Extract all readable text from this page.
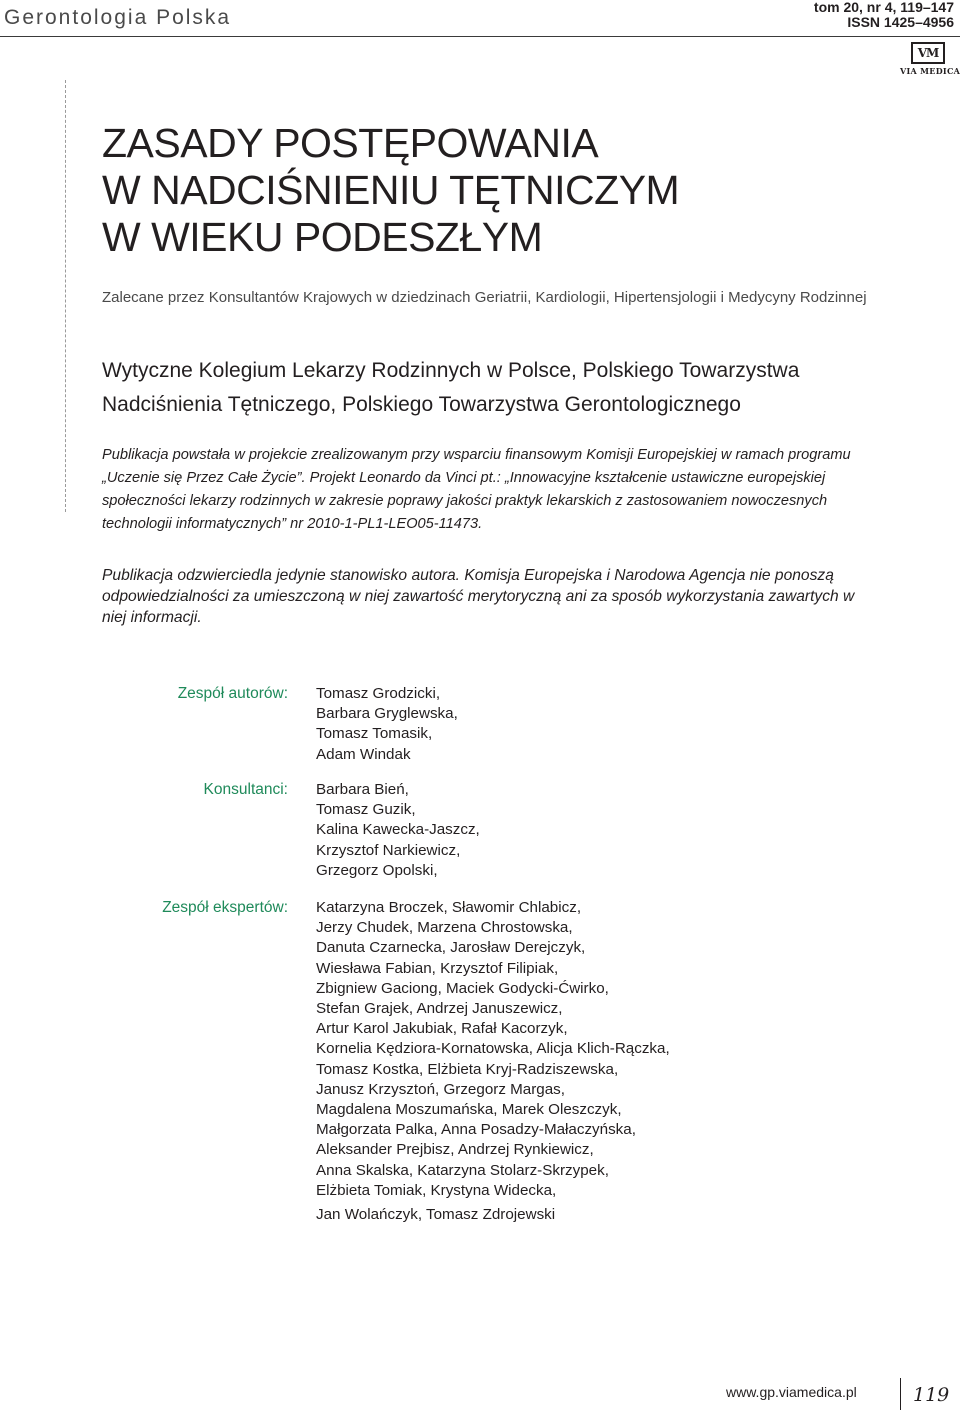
Gerontologia Polska	tom 20, nr 4, 119–147
ISSN 1425–4956
VM
VIA MEDICA
ZASADY POSTĘPOWANIA
W NADCIŚNIENIU TĘTNICZYM
W WIEKU PODESZŁYM
Zalecane przez Konsultantów Krajowych w dziedzinach Geriatrii, Kardiologii, Hipertensjologii i Medycyny Rodzinnej
Wytyczne Kolegium Lekarzy Rodzinnych w Polsce, Polskiego Towarzystwa Nadciśnienia Tętniczego, Polskiego Towarzystwa Gerontologicznego
Publikacja powstała w projekcie zrealizowanym przy wsparciu finansowym Komisji Europejskiej w ramach programu „Uczenie się Przez Całe Życie”. Projekt Leonardo da Vinci pt.: „Innowacyjne kształcenie ustawiczne europejskiej społeczności lekarzy rodzinnych w zakresie poprawy jakości praktyk lekarskich z zastosowaniem nowoczesnych technologii informatycznych” nr 2010-1-PL1-LEO05-11473.
Publikacja odzwierciedla jedynie stanowisko autora. Komisja Europejska i Narodowa Agencja nie ponoszą odpowiedzialności za umieszczoną w niej zawartość merytoryczną ani za sposób wykorzystania zawartych w niej informacji.
Zespół autorów: Tomasz Grodzicki,
Barbara Gryglewska,
Tomasz Tomasik,
Adam Windak
Konsultanci: Barbara Bień,
Tomasz Guzik,
Kalina Kawecka-Jaszcz,
Krzysztof Narkiewicz,
Grzegorz Opolski,
Zespół ekspertów: Katarzyna Broczek, Sławomir Chlabicz,
Jerzy Chudek, Marzena Chrostowska,
Danuta Czarnecka, Jarosław Derejczyk,
Wiesława Fabian, Krzysztof Filipiak,
Zbigniew Gaciong, Maciek Godycki-Ćwirko,
Stefan Grajek, Andrzej Januszewicz,
Artur Karol Jakubiak, Rafał Kacorzyk,
Kornelia Kędziora-Kornatowska, Alicja Klich-Rączka,
Tomasz Kostka, Elżbieta Kryj-Radziszewska,
Janusz Krzysztoń, Grzegorz Margas,
Magdalena Moszumańska, Marek Oleszczyk,
Małgorzata Palka, Anna Posadzy-Małaczyńska,
Aleksander Prejbisz, Andrzej Rynkiewicz,
Anna Skalska, Katarzyna Stolarz-Skrzypek,
Elżbieta Tomiak, Krystyna Widecka,
Jan Wolańczyk, Tomasz Zdrojewski
www.gp.viamedica.pl	119
